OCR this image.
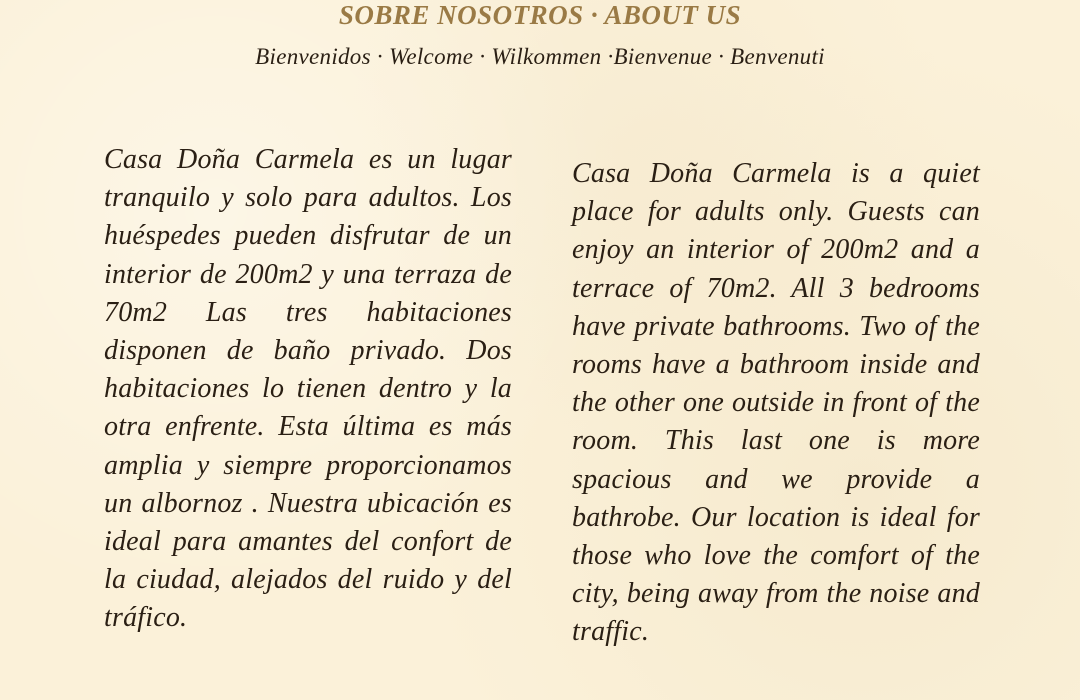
SOBRE NOSOTROS · ABOUT US

Bienvenidos · Welcome · Wilkommen ·Bienvenue · Benvenuti

Casa Doña Carmela es un lugar tranquilo y solo para adultos. Los huéspedes pueden disfrutar de un interior de 200m2 y una terraza de 70m2 Las tres habitaciones disponen de baño privado. Dos habitaciones lo tienen dentro y la otra enfrente. Esta última es más amplia y siempre proporcionamos un albornoz . Nuestra ubicación es ideal para amantes del confort de la ciudad, alejados del ruido y del tráfico.

Casa Doña Carmela is a quiet place for adults only. Guests can enjoy an interior of 200m2 and a terrace of 70m2. All 3 bedrooms have private bathrooms. Two of the rooms have a bathroom inside and the other one outside in front of the room. This last one is more spacious and we provide a bathrobe. Our location is ideal for those who love the comfort of the city, being away from the noise and traffic.
